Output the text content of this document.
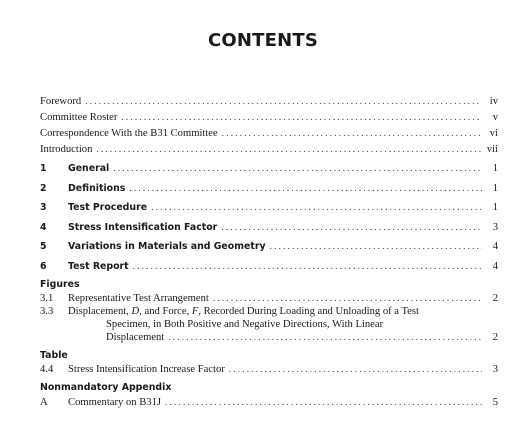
CONTENTS
Foreword . . .	iv
Committee Roster . . .	v
Correspondence With the B31 Committee . . .	vi
Introduction . . .	vii
1	General . . .	1
2	Definitions . . .	1
3	Test Procedure . . .	1
4	Stress Intensification Factor . . .	3
5	Variations in Materials and Geometry . . .	4
6	Test Report . . .	4
Figures
3.1	Representative Test Arrangement . . .	2
3.3 Displacement, D, and Force, F, Recorded During Loading and Unloading of a Test
Specimen, in Both Positive and Negative Directions, With Linear
Displacement . . .	2
Table
4.4	Stress Intensification Increase Factor . . .	3
Nonmandatory Appendix
A	Commentary on B31J . . .	5
